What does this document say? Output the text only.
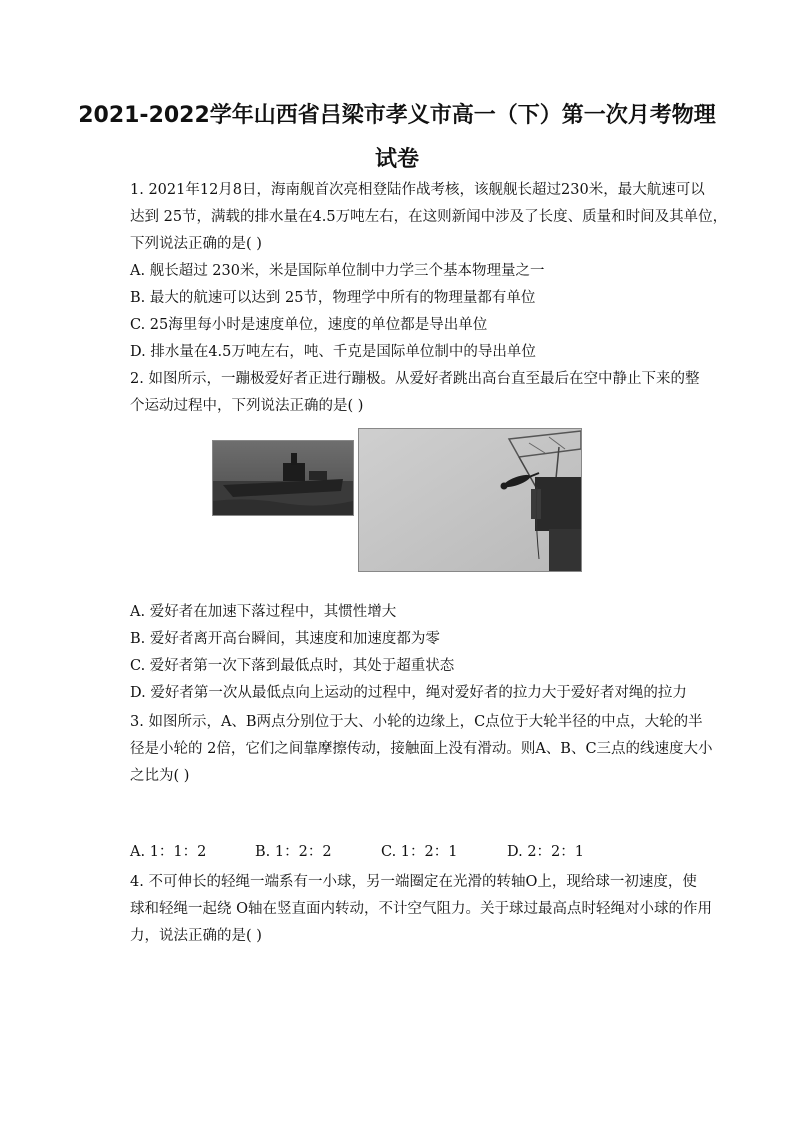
2021-2022学年山西省吕梁市孝义市高一（下）第一次月考物理
试卷
1. 2021年12月8日，海南舰首次亮相登陆作战考核，该舰舰长超过230米，最大航速可以
达到 25节，满载的排水量在4.5万吨左右，在这则新闻中涉及了长度、质量和时间及其单位，
下列说法正确的是( )
A. 舰长超过 230米，米是国际单位制中力学三个基本物理量之一
B. 最大的航速可以达到 25节，物理学中所有的物理量都有单位
C. 25海里每小时是速度单位，速度的单位都是导出单位
D. 排水量在4.5万吨左右，吨、千克是国际单位制中的导出单位
2. 如图所示，一蹦极爱好者正进行蹦极。从爱好者跳出高台直至最后在空中静止下来的整
个运动过程中，下列说法正确的是( )
A. 爱好者在加速下落过程中，其惯性增大
B. 爱好者离开高台瞬间，其速度和加速度都为零
C. 爱好者第一次下落到最低点时，其处于超重状态
D. 爱好者第一次从最低点向上运动的过程中，绳对爱好者的拉力大于爱好者对绳的拉力
3. 如图所示，A、B两点分别位于大、小轮的边缘上，C点位于大轮半径的中点，大轮的半
径是小轮的 2倍，它们之间靠摩擦传动，接触面上没有滑动。则A、B、C三点的线速度大小
之比为( )
A. 1：1：2	B. 1：2：2	C. 1：2：1	D. 2：2：1
4. 不可伸长的轻绳一端系有一小球，另一端圈定在光滑的转轴O上，现给球一初速度，使
球和轻绳一起绕 O轴在竖直面内转动，不计空气阻力。关于球过最高点时轻绳对小球的作用
力，说法正确的是( )
